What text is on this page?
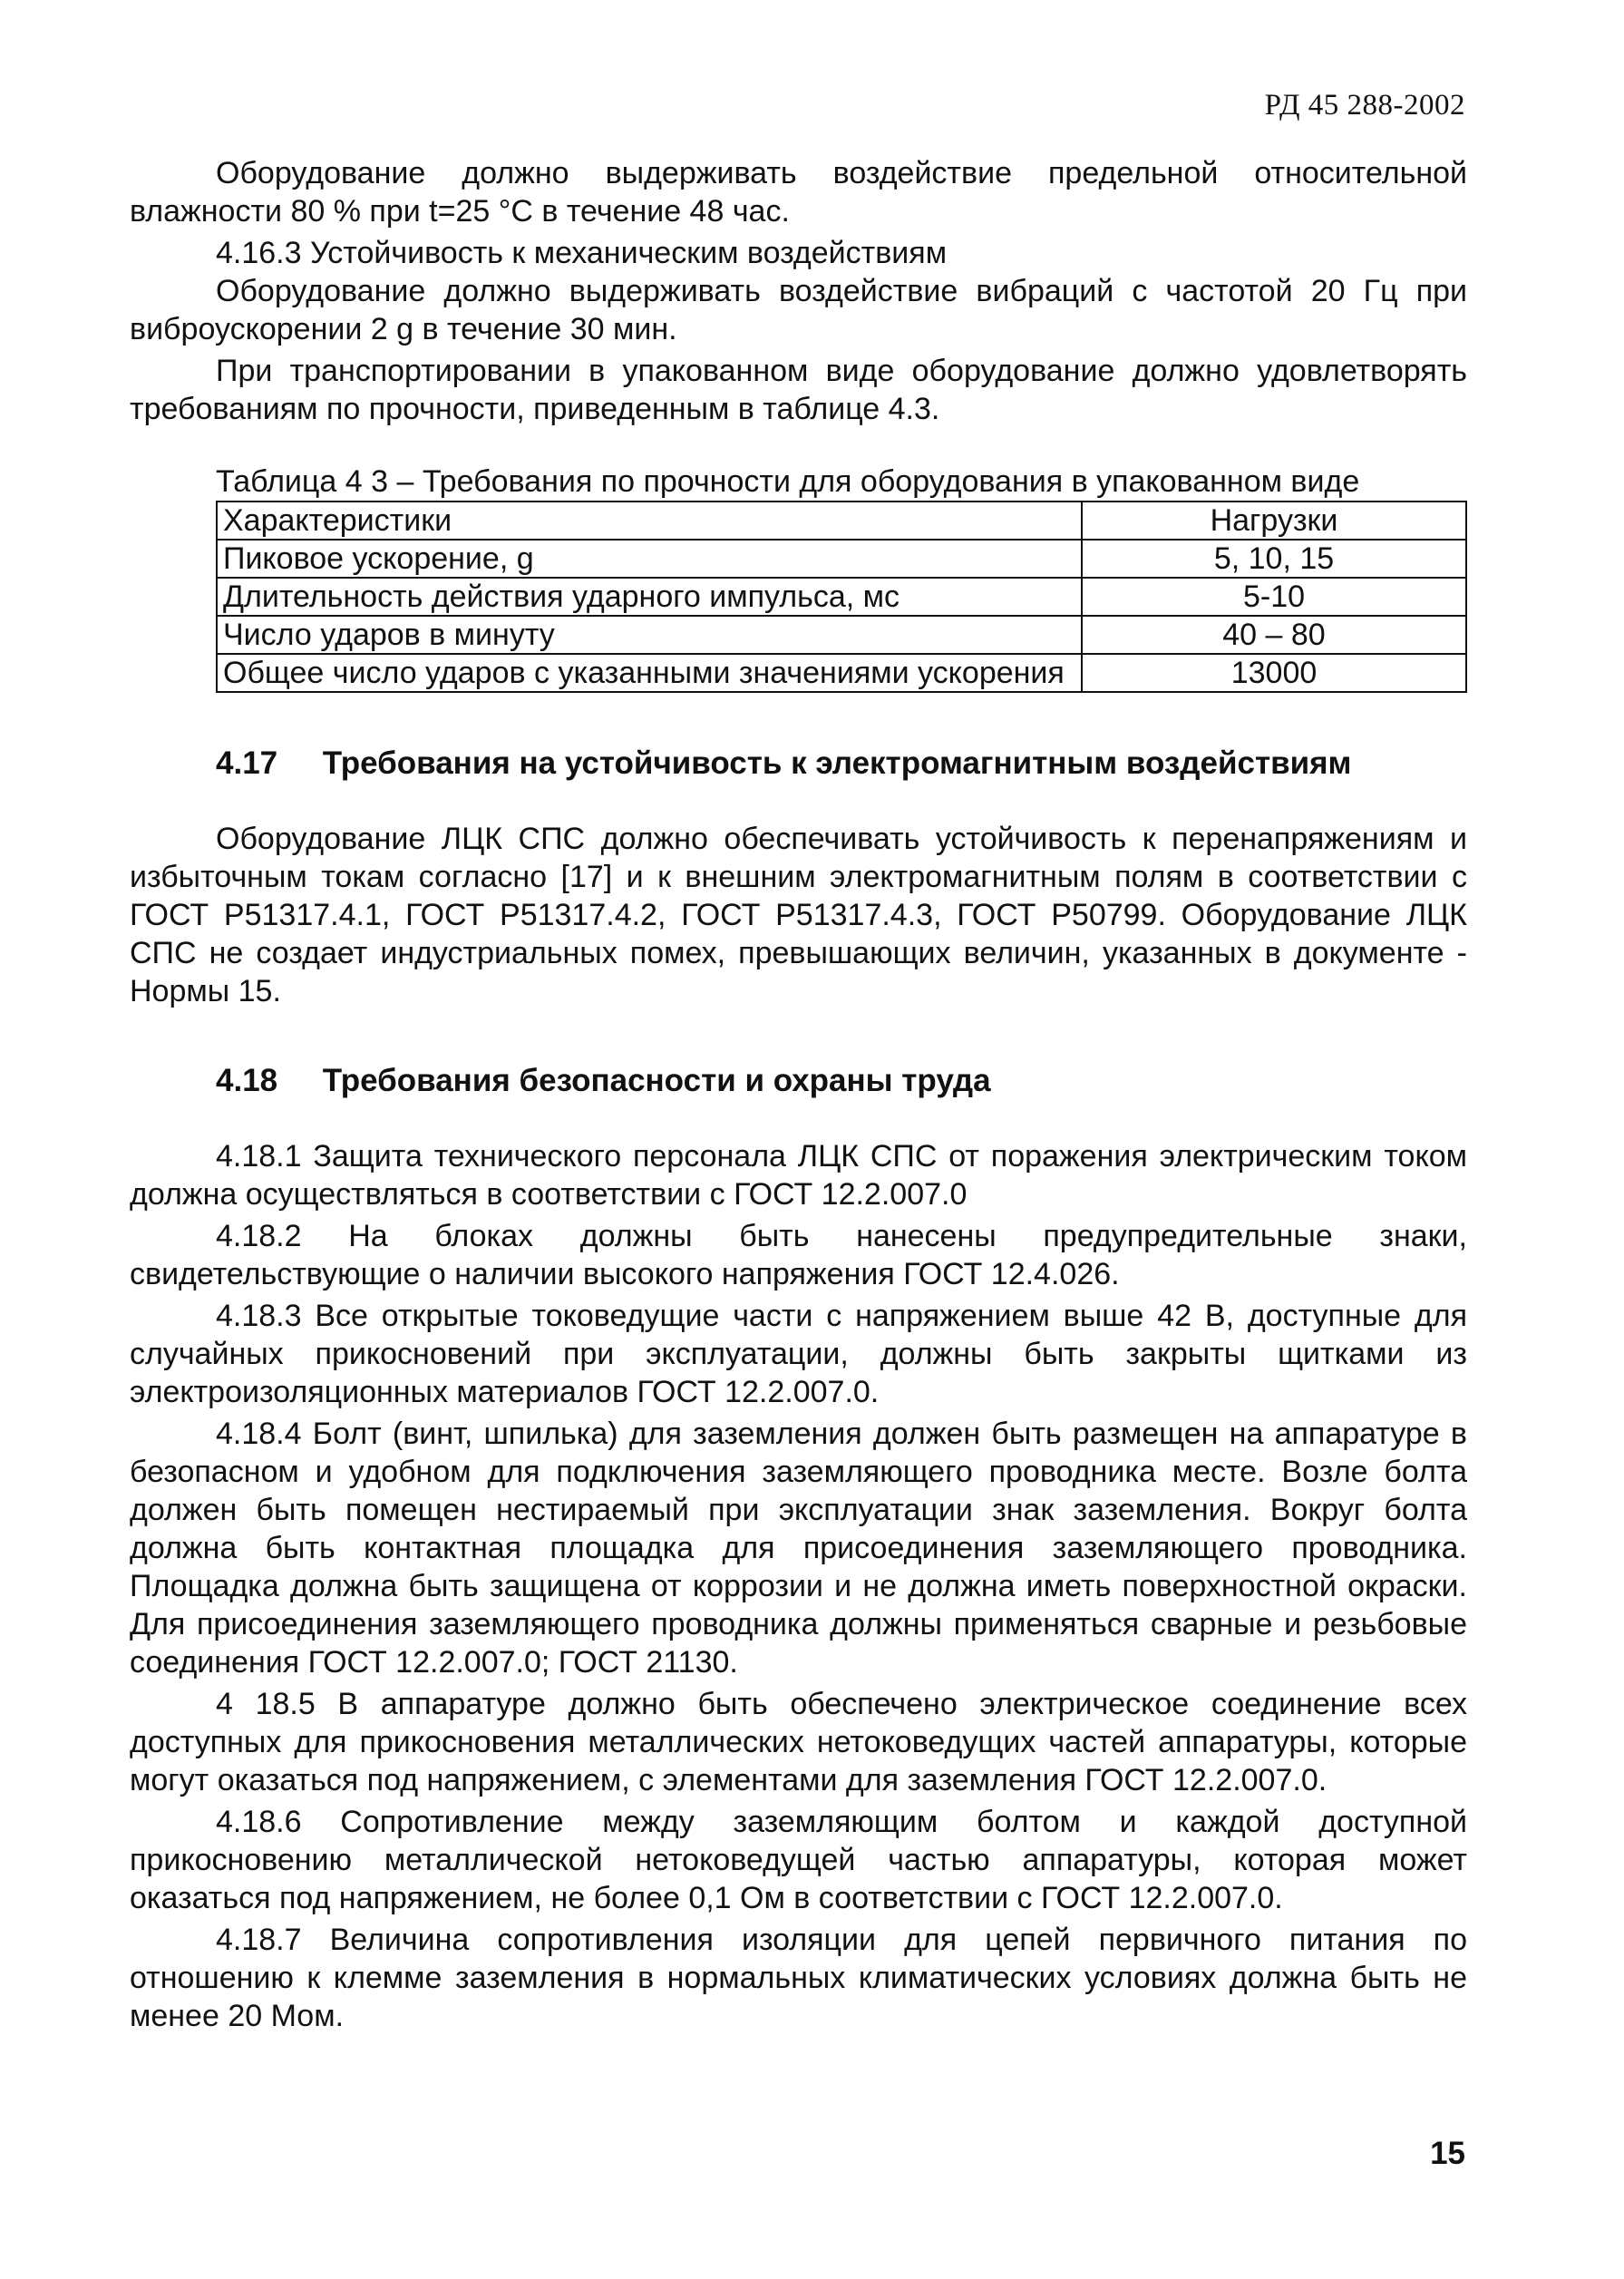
РД 45 288-2002

Оборудование должно выдерживать воздействие предельной относительной влажности 80 % при t=25 °С в течение 48 час.

4.16.3 Устойчивость к механическим воздействиям

Оборудование должно выдерживать воздействие вибраций с частотой 20 Гц при виброускорении 2 g в течение 30 мин.

При транспортировании в упакованном виде оборудование должно удовлетворять требованиям по прочности, приведенным в таблице 4.3.

Таблица 4 3 – Требования по прочности для оборудования в упакованном виде
Характеристики	Нагрузки
Пиковое ускорение, g	5, 10, 15
Длительность действия ударного импульса, мс	5-10
Число ударов в минуту	40 – 80
Общее число ударов с указанными значениями ускорения	13000
4.17 Требования на устойчивость к электромагнитным воздействиям

Оборудование ЛЦК СПС должно обеспечивать устойчивость к перенапряжениям и избыточным токам согласно [17] и к внешним электромагнитным полям в соответствии с ГОСТ Р51317.4.1, ГОСТ Р51317.4.2, ГОСТ Р51317.4.3, ГОСТ Р50799. Оборудование ЛЦК СПС не создает индустриальных помех, превышающих величин, указанных в документе - Нормы 15.

4.18 Требования безопасности и охраны труда

4.18.1 Защита технического персонала ЛЦК СПС от поражения электрическим током должна осуществляться в соответствии с ГОСТ 12.2.007.0

4.18.2 На блоках должны быть нанесены предупредительные знаки, свидетельствующие о наличии высокого напряжения ГОСТ 12.4.026.

4.18.3 Все открытые токоведущие части с напряжением выше 42 В, доступные для случайных прикосновений при эксплуатации, должны быть закрыты щитками из электроизоляционных материалов ГОСТ 12.2.007.0.

4.18.4 Болт (винт, шпилька) для заземления должен быть размещен на аппаратуре в безопасном и удобном для подключения заземляющего проводника месте. Возле болта должен быть помещен нестираемый при эксплуатации знак заземления. Вокруг болта должна быть контактная площадка для присоединения заземляющего проводника. Площадка должна быть защищена от коррозии и не должна иметь поверхностной окраски. Для присоединения заземляющего проводника должны применяться сварные и резьбовые соединения ГОСТ 12.2.007.0; ГОСТ 21130.

4 18.5 В аппаратуре должно быть обеспечено электрическое соединение всех доступных для прикосновения металлических нетоковедущих частей аппаратуры, которые могут оказаться под напряжением, с элементами для заземления ГОСТ 12.2.007.0.

4.18.6 Сопротивление между заземляющим болтом и каждой доступной прикосновению металлической нетоковедущей частью аппаратуры, которая может оказаться под напряжением, не более 0,1 Ом в соответствии с ГОСТ 12.2.007.0.

4.18.7 Величина сопротивления изоляции для цепей первичного питания по отношению к клемме заземления в нормальных климатических условиях должна быть не менее 20 Мом.

15
